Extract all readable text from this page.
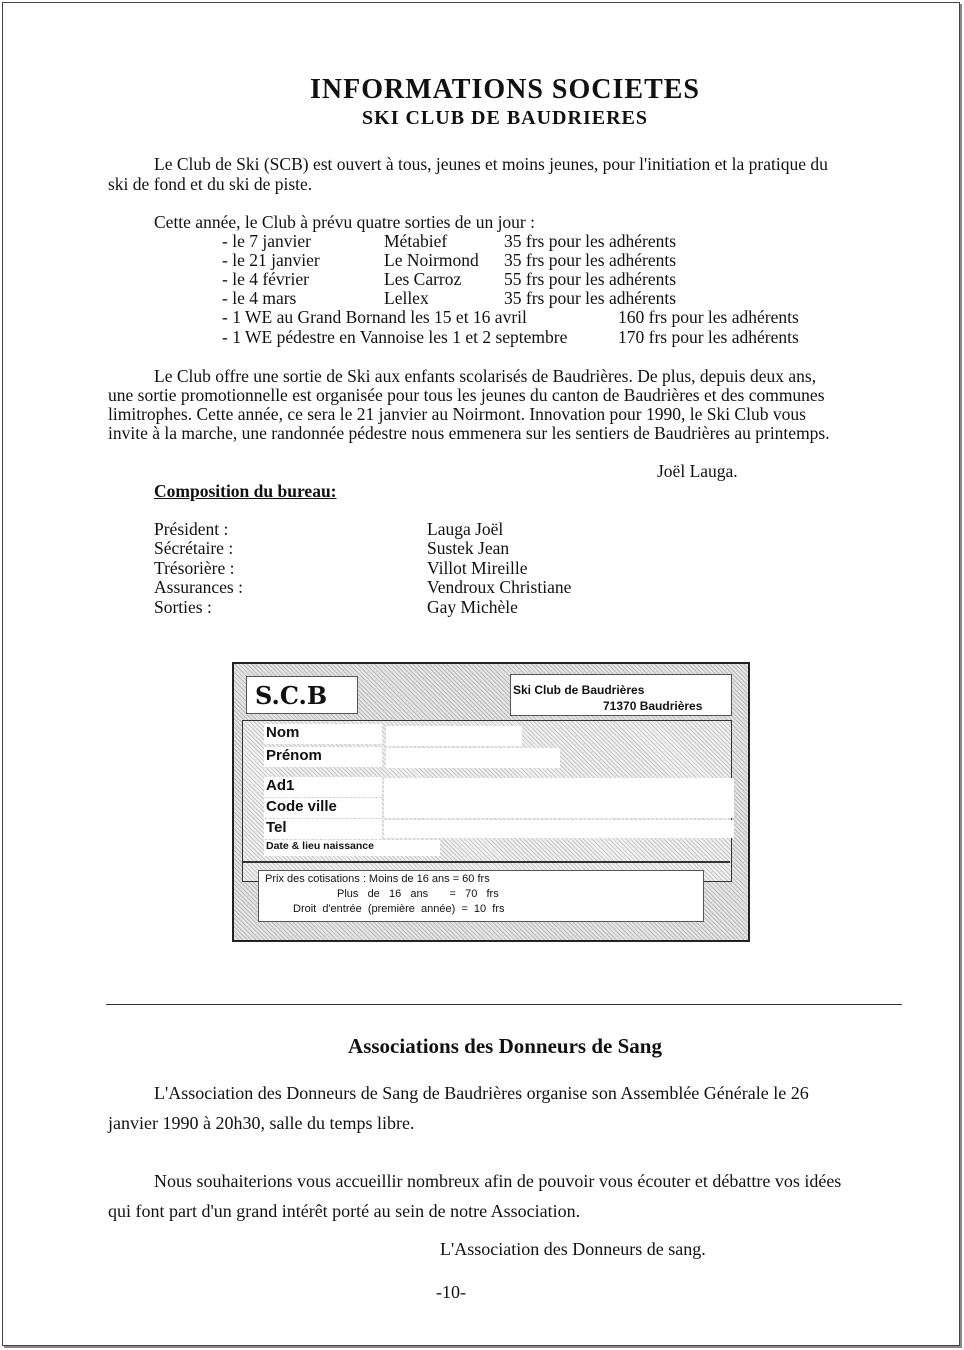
INFORMATIONS SOCIETES
SKI CLUB DE BAUDRIERES
Le Club de Ski (SCB) est ouvert à tous, jeunes et moins jeunes, pour l'initiation et la pratique du
ski de fond et du ski de piste.
Cette année, le Club à prévu quatre sorties de un jour :
- le 7 janvier	Métabief	35 frs pour les adhérents
- le 21 janvier	Le Noirmond 35 frs pour les adhérents
- le 4 février	Les Carroz 55 frs pour les adhérents
- le 4 mars	Lellex	35 frs pour les adhérents
- 1 WE au Grand Bornand les 15 et 16 avril	160 frs pour les adhérents
- 1 WE pédestre en Vannoise les 1 et 2 septembre	170 frs pour les adhérents
Le Club offre une sortie de Ski aux enfants scolarisés de Baudrières. De plus, depuis deux ans,
une sortie promotionnelle est organisée pour tous les jeunes du canton de Baudrières et des communes
limitrophes. Cette année, ce sera le 21 janvier au Noirmont. Innovation pour 1990, le Ski Club vous
invite à la marche, une randonnée pédestre nous emmenera sur les sentiers de Baudrières au printemps.
Joël Lauga.
Composition du bureau:
Président :	Lauga Joël
Sécrétaire :	Sustek Jean
Trésorière :	Villot Mireille
Assurances :	Vendroux Christiane
Sorties :	Gay Michèle
S.C.B	Ski Club de Baudrières
71370 Baudrières
Nom
Prénom
Ad1
Code ville
Tel
Date & lieu naissance
Prix des cotisations : Moins de 16 ans = 60 frs
Plus   de   16   ans       =   70   frs
Droit  d'entrée  (première  année)  =  10  frs
Associations des Donneurs de Sang
L'Association des Donneurs de Sang de Baudrières organise son Assemblée Générale le 26
janvier 1990 à 20h30, salle du temps libre.
Nous souhaiterions vous accueillir nombreux afin de pouvoir vous écouter et débattre vos idées
qui font part d'un grand intérêt porté au sein de notre Association.
L'Association des Donneurs de sang.
-10-
